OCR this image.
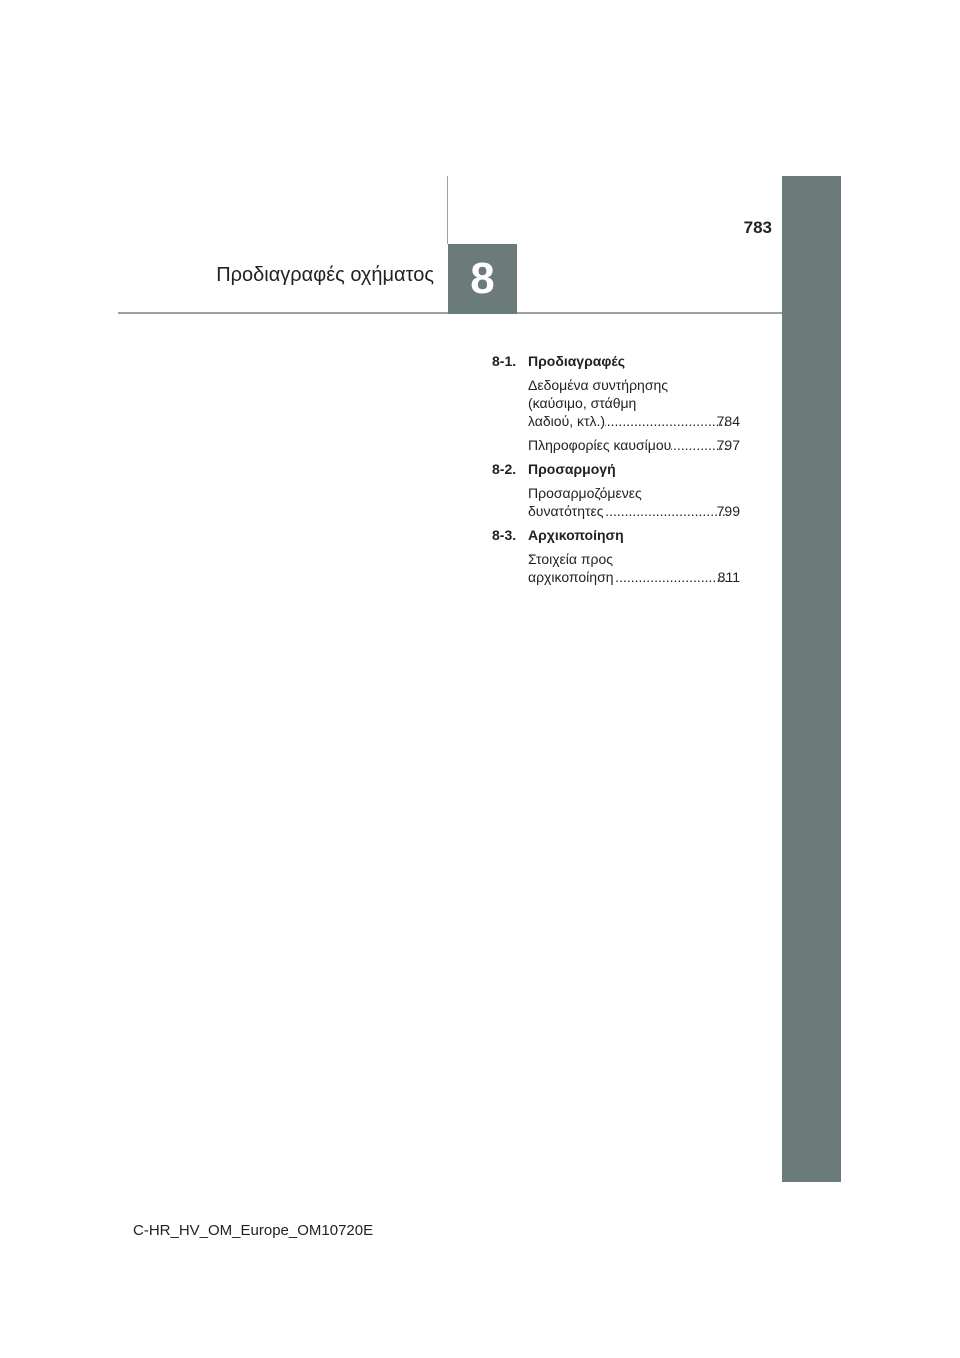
783
Προδιαγραφές οχήματος 8
8-1. Προδιαγραφές
Δεδομένα συντήρησης
(καύσιμο, στάθμη
λαδιού, κτλ.) .....	784
Πληροφορίες καυσίμου .....	797
8-2. Προσαρμογή
Προσαρμοζόμενες
δυνατότητες .....	799
8-3. Αρχικοποίηση
Στοιχεία προς
αρχικοποίηση .....	811
C-HR_HV_OM_Europe_OM10720E
